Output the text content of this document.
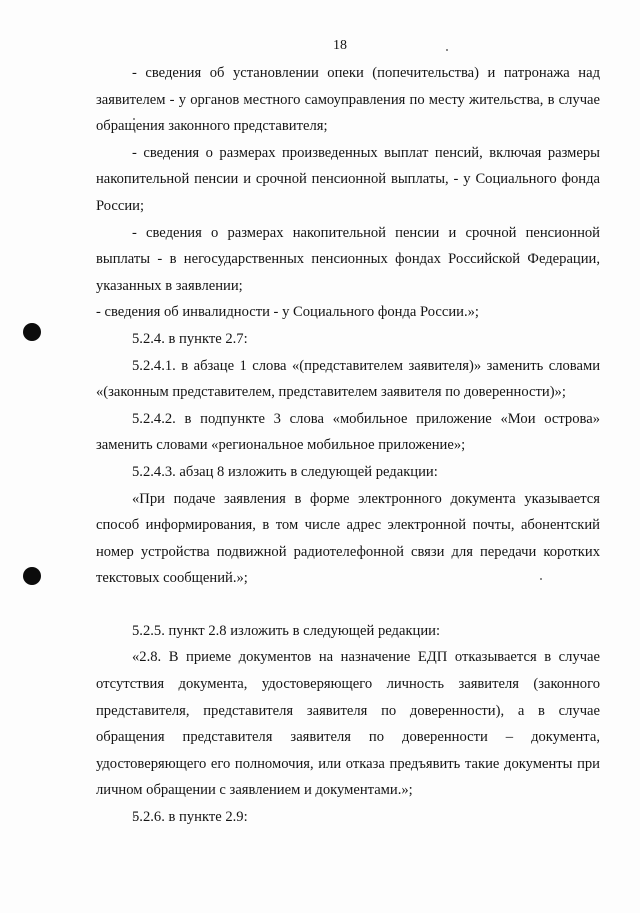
18

- сведения об установлении опеки (попечительства) и патронажа над заявителем - у органов местного самоуправления по месту жительства, в случае обращения законного представителя;

- сведения о размерах произведенных выплат пенсий, включая размеры накопительной пенсии и срочной пенсионной выплаты, - у Социального фонда России;

- сведения о размерах накопительной пенсии и срочной пенсионной выплаты - в негосударственных пенсионных фондах Российской Федерации, указанных в заявлении;

- сведения об инвалидности - у Социального фонда России.»;

5.2.4. в пункте 2.7:

5.2.4.1. в абзаце 1 слова «(представителем заявителя)» заменить словами «(законным представителем, представителем заявителя по доверенности)»;

5.2.4.2. в подпункте 3 слова «мобильное приложение «Мои острова» заменить словами «региональное мобильное приложение»;

5.2.4.3. абзац 8 изложить в следующей редакции:

«При подаче заявления в форме электронного документа указывается способ информирования, в том числе адрес электронной почты, абонентский номер устройства подвижной радиотелефонной связи для передачи коротких текстовых сообщений.»;

5.2.5. пункт 2.8 изложить в следующей редакции:

«2.8. В приеме документов на назначение ЕДП отказывается в случае отсутствия документа, удостоверяющего личность заявителя (законного представителя, представителя заявителя по доверенности), а в случае обращения представителя заявителя по доверенности – документа, удостоверяющего его полномочия, или отказа предъявить такие документы при личном обращении с заявлением и документами.»;

5.2.6. в пункте 2.9:
